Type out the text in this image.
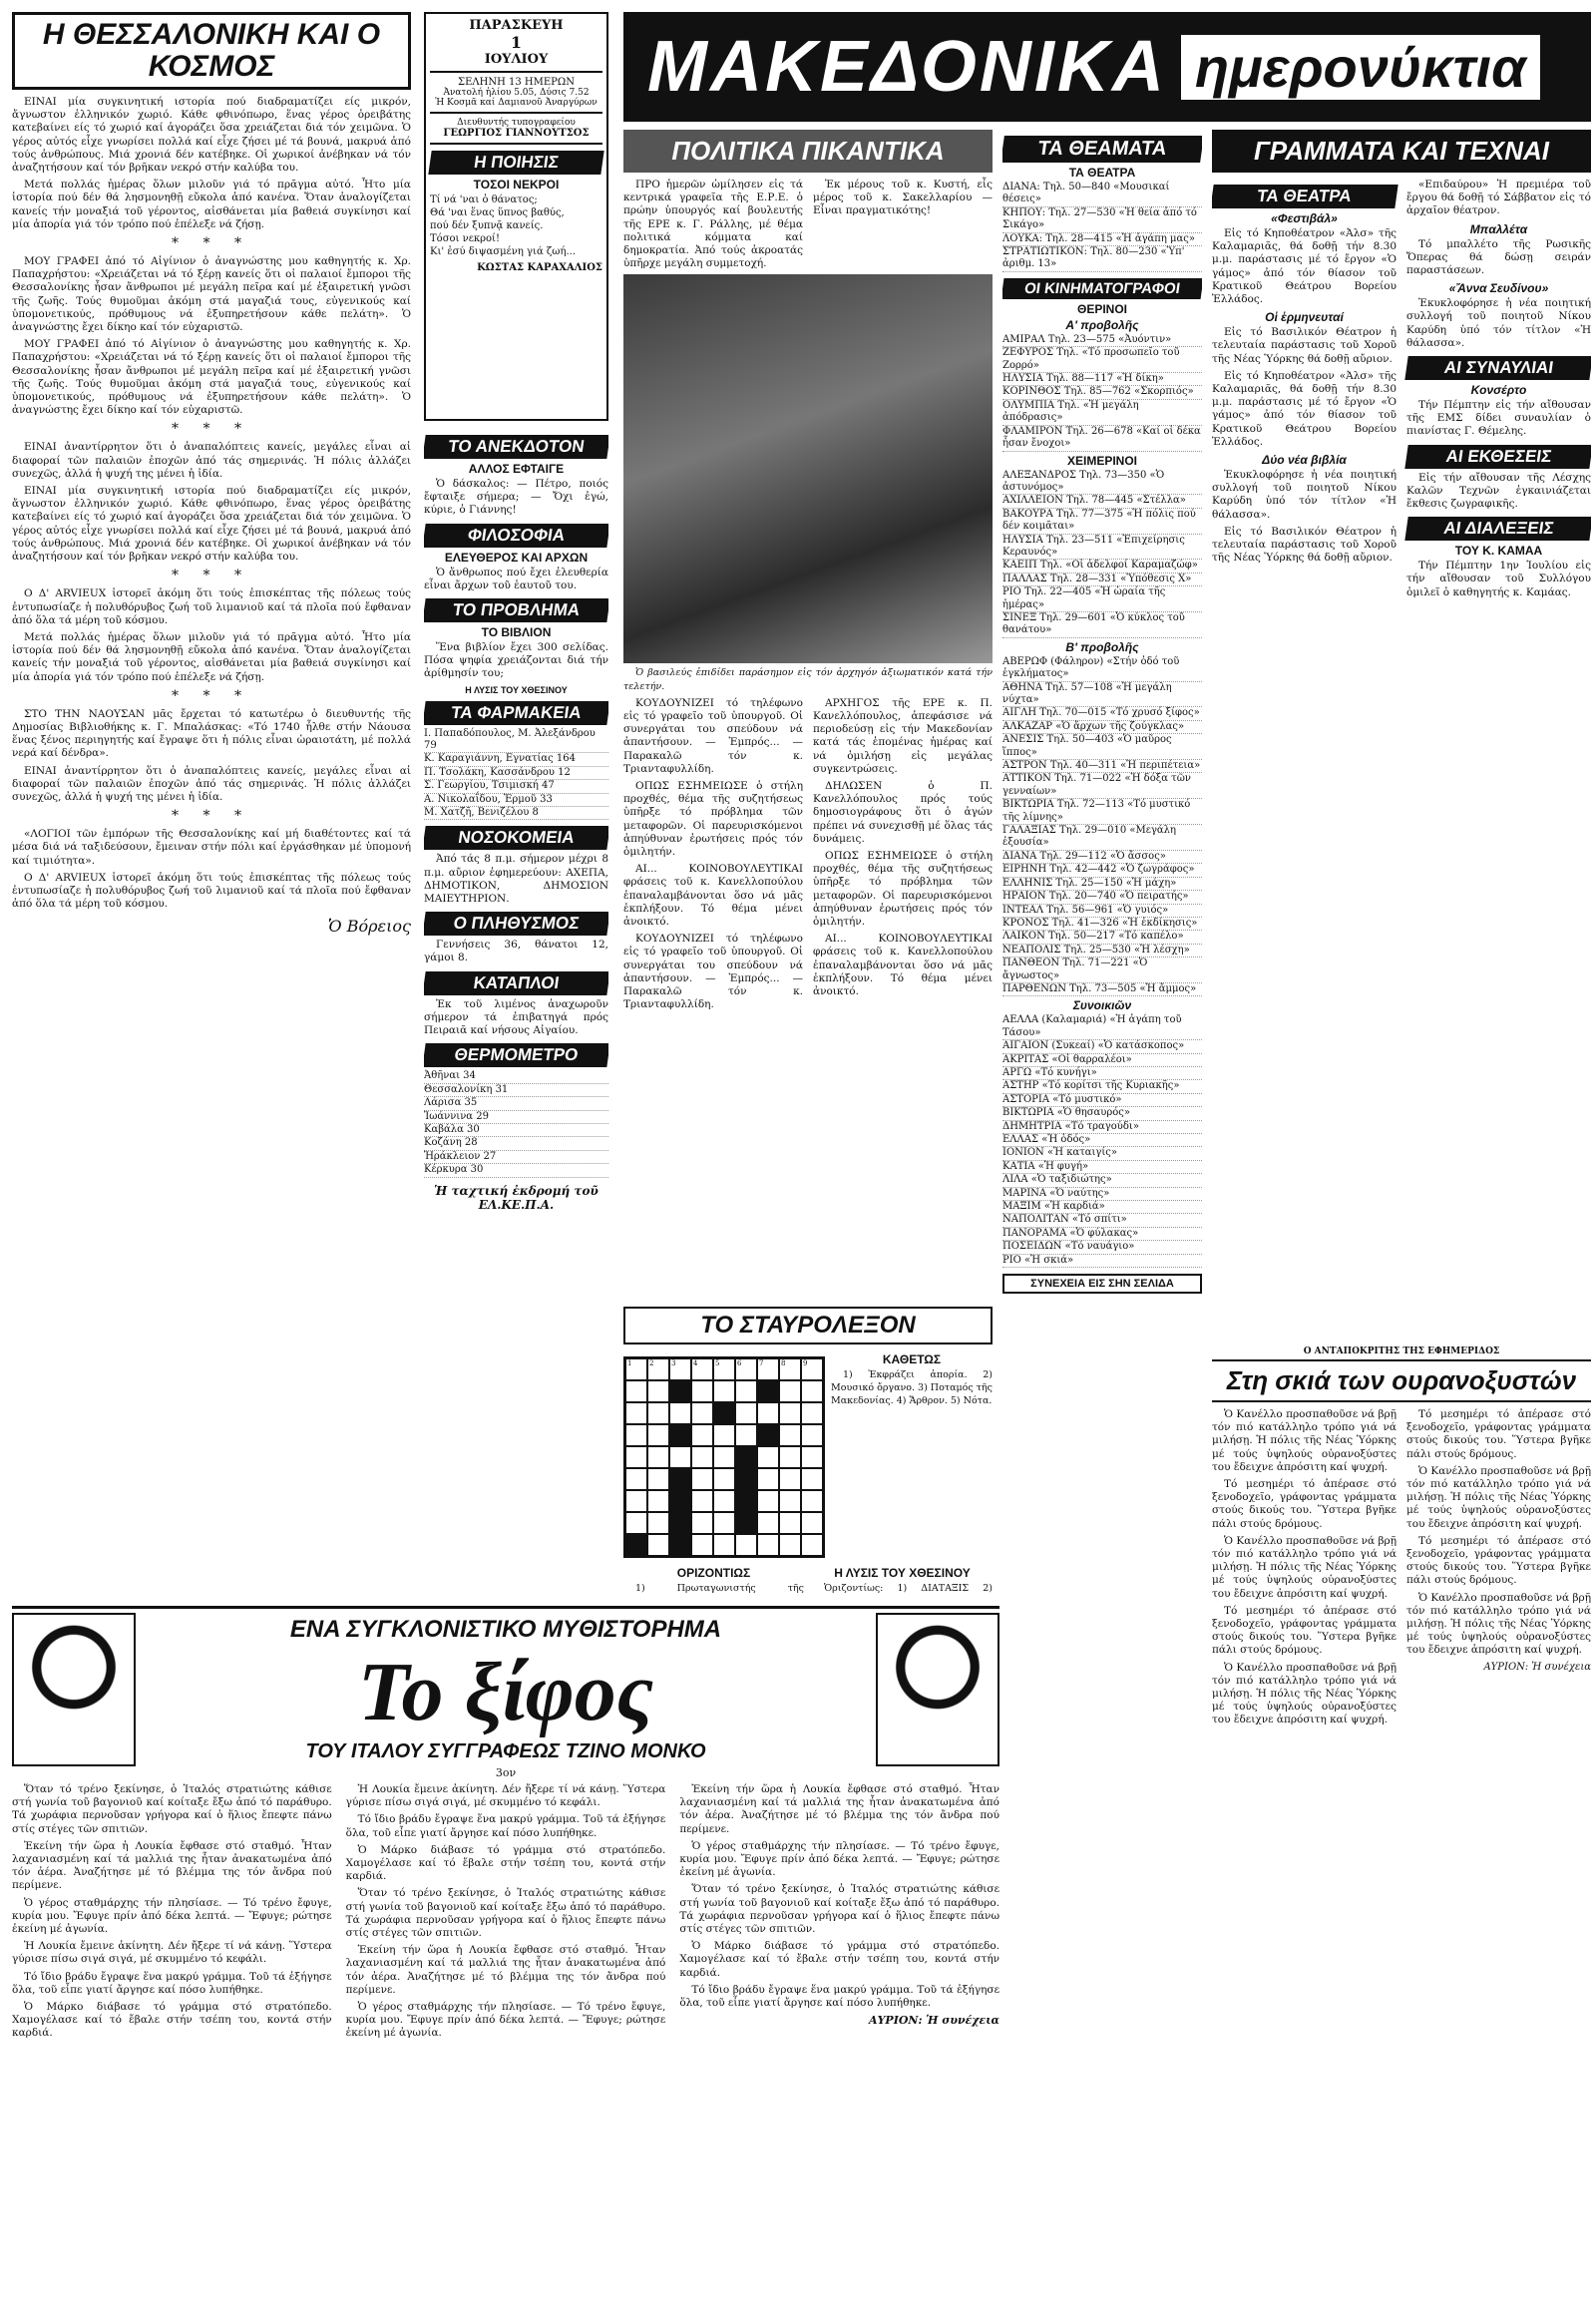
Η ΘΕΣΣΑΛΟΝΙΚΗ ΚΑΙ Ο ΚΟΣΜΟΣ

ΕΙΝΑΙ μία συγκινητική ιστορία πού διαδραματίζει είς μικρόν, ἄγνωστον ἑλληνικόν χωριό. Κάθε φθινόπωρο, ἕνας γέρος ὁρειβάτης κατεβαίνει είς τό χωριό καί ἀγοράζει ὅσα χρειάζεται διά τόν χειμῶνα. Ὁ γέρος αὐτός εἶχε γνωρίσει πολλά καί εἶχε ζήσει μέ τά βουνά, μακρυά ἀπό τούς ἀνθρώπους. Μιά χρονιά δέν κατέβηκε. Οἱ χωρικοί ἀνέβηκαν νά τόν ἀναζητήσουν καί τόν βρῆκαν νεκρό στήν καλύβα του.

Μετά πολλάς ἡμέρας ὅλων μιλοῦν γιά τό πρᾶγμα αὐτό. Ἦτο μία ἱστορία πού δέν θά λησμονηθῇ εὔκολα ἀπό κανένα. Ὅταν ἀναλογίζεται κανείς τήν μοναξιά τοῦ γέροντος, αἰσθάνεται μία βαθειά συγκίνησι καί μία ἀπορία γιά τόν τρόπο πού ἐπέλεξε νά ζήσῃ.

* * *

ΜΟΥ ΓΡΑΦΕΙ ἀπό τό Αἰγίνιον ὁ ἀναγνώστης μου καθηγητής κ. Χρ. Παπαχρήστου: «Χρειάζεται νά τό ξέρῃ κανείς ὅτι οἱ παλαιοί ἔμποροι τῆς Θεσσαλονίκης ἦσαν ἄνθρωποι μέ μεγάλη πεῖρα καί μέ ἐξαιρετική γνῶσι τῆς ζωῆς. Τούς θυμοῦμαι ἀκόμη στά μαγαζιά τους, εὐγενικούς καί ὑπομονετικούς, πρόθυμους νά ἐξυπηρετήσουν κάθε πελάτη». Ὁ ἀναγνώστης ἔχει δίκηο καί τόν εὐχαριστῶ.

ΜΟΥ ΓΡΑΦΕΙ ἀπό τό Αἰγίνιον ὁ ἀναγνώστης μου καθηγητής κ. Χρ. Παπαχρήστου: «Χρειάζεται νά τό ξέρῃ κανείς ὅτι οἱ παλαιοί ἔμποροι τῆς Θεσσαλονίκης ἦσαν ἄνθρωποι μέ μεγάλη πεῖρα καί μέ ἐξαιρετική γνῶσι τῆς ζωῆς. Τούς θυμοῦμαι ἀκόμη στά μαγαζιά τους, εὐγενικούς καί ὑπομονετικούς, πρόθυμους νά ἐξυπηρετήσουν κάθε πελάτη». Ὁ ἀναγνώστης ἔχει δίκηο καί τόν εὐχαριστῶ.

* * *

ΕΙΝΑΙ ἀναντίρρητον ὅτι ὁ ἀναπαλόπτεις κανείς, μεγάλες εἶναι αἱ διαφοραί τῶν παλαιῶν ἐποχῶν ἀπό τάς σημερινάς. Ἡ πόλις ἀλλάζει συνεχῶς, ἀλλά ἡ ψυχή της μένει ἡ ἰδία.

ΕΙΝΑΙ μία συγκινητική ιστορία πού διαδραματίζει είς μικρόν, ἄγνωστον ἑλληνικόν χωριό. Κάθε φθινόπωρο, ἕνας γέρος ὁρειβάτης κατεβαίνει είς τό χωριό καί ἀγοράζει ὅσα χρειάζεται διά τόν χειμῶνα. Ὁ γέρος αὐτός εἶχε γνωρίσει πολλά καί εἶχε ζήσει μέ τά βουνά, μακρυά ἀπό τούς ἀνθρώπους. Μιά χρονιά δέν κατέβηκε. Οἱ χωρικοί ἀνέβηκαν νά τόν ἀναζητήσουν καί τόν βρῆκαν νεκρό στήν καλύβα του.

* * *

Ο Δ' ΑRVIEUX ἱστορεῖ ἀκόμη ὅτι τούς ἐπισκέπτας τῆς πόλεως τούς ἐντυπωσίαζε ἡ πολυθόρυβος ζωή τοῦ λιμανιοῦ καί τά πλοῖα πού ἔφθαναν ἀπό ὅλα τά μέρη τοῦ κόσμου.

Μετά πολλάς ἡμέρας ὅλων μιλοῦν γιά τό πρᾶγμα αὐτό. Ἦτο μία ἱστορία πού δέν θά λησμονηθῇ εὔκολα ἀπό κανένα. Ὅταν ἀναλογίζεται κανείς τήν μοναξιά τοῦ γέροντος, αἰσθάνεται μία βαθειά συγκίνησι καί μία ἀπορία γιά τόν τρόπο πού ἐπέλεξε νά ζήσῃ.

* * *

ΣΤΟ ΤΗΝ ΝΑΟΥΣΑΝ μᾶς ἔρχεται τό κατωτέρω ὁ διευθυντής τῆς Δημοσίας Βιβλιοθήκης κ. Γ. Μπαλάσκας: «Τό 1740 ἦλθε στήν Νάουσα ἕνας ξένος περιηγητής καί ἔγραψε ὅτι ἡ πόλις εἶναι ὡραιοτάτη, μέ πολλά νερά καί δένδρα».

ΕΙΝΑΙ ἀναντίρρητον ὅτι ὁ ἀναπαλόπτεις κανείς, μεγάλες εἶναι αἱ διαφοραί τῶν παλαιῶν ἐποχῶν ἀπό τάς σημερινάς. Ἡ πόλις ἀλλάζει συνεχῶς, ἀλλά ἡ ψυχή της μένει ἡ ἰδία.

* * *

«ΛΟΓΙΟΙ τῶν ἐμπόρων τῆς Θεσσαλονίκης καί μή διαθέτοντες καί τά μέσα διά νά ταξιδεύσουν, ἔμειναν στήν πόλι καί ἐργάσθηκαν μέ ὑπομονή καί τιμιότητα».

Ο Δ' ΑRVIEUX ἱστορεῖ ἀκόμη ὅτι τούς ἐπισκέπτας τῆς πόλεως τούς ἐντυπωσίαζε ἡ πολυθόρυβος ζωή τοῦ λιμανιοῦ καί τά πλοῖα πού ἔφθαναν ἀπό ὅλα τά μέρη τοῦ κόσμου.

Ὁ Βόρειος
ΠΑΡΑΣΚΕΥΗ
1
ΙΟΥΛΙΟΥ
ΣΕΛΗΝΗ 13 ΗΜΕΡΩΝ
Ἀνατολή ἡλίου 5.05, Δύσις 7.52
Ἡ Κοσμᾶ καί Δαμιανοῦ Ἀναργύρων
Διευθυντής τυπογραφείου
ΓΕΩΡΓΙΟΣ ΓΙΑΝΝΟΥΤΣΟΣ
Η ΠΟΙΗΣΙΣ
ΤΟΣΟΙ ΝΕΚΡΟΙ
Τί νά 'ναι ὁ θάνατος;
Θά 'ναι ἕνας ὕπνος βαθύς,
πού δέν ξυπνᾷ κανείς.
Τόσοι νεκροί!
Κι' ἐσύ διψασμένη γιά ζωή...
ΚΩΣΤΑΣ ΚΑΡΑΧΑΛΙΟΣ
ΤΟ ΑΝΕΚΔΟΤΟΝ
ΑΛΛΟΣ ΕΦΤΑΙΓΕ

Ὁ δάσκαλος: — Πέτρο, ποιός ἔφταιξε σήμερα; — Ὄχι ἐγώ, κύριε, ὁ Γιάννης!

ΦΙΛΟΣΟΦΙΑ
ΕΛΕΥΘΕΡΟΣ ΚΑΙ ΑΡΧΩΝ

Ὁ ἄνθρωπος πού ἔχει ἐλευθερία εἶναι ἄρχων τοῦ ἑαυτοῦ του.

ΤΟ ΠΡΟΒΛΗΜΑ
ΤΟ ΒΙΒΛΙΟΝ

Ἕνα βιβλίον ἔχει 300 σελίδας. Πόσα ψηφία χρειάζονται διά τήν ἀρίθμησίν του;

Η ΛΥΣΙΣ ΤΟΥ ΧΘΕΣΙΝΟΥ
ΤΑ ΦΑΡΜΑΚΕΙΑ
Ι. Παπαδόπουλος, Μ. Ἀλεξάνδρου 79
Κ. Καραγιάννη, Εγνατίας 164
Π. Τσολάκη, Κασσάνδρου 12
Σ. Γεωργίου, Τσιμισκή 47
Α. Νικολαΐδου, Ἑρμοῦ 33
Μ. Χατζῆ, Βενιζέλου 8
ΝΟΣΟΚΟΜΕΙΑ

Ἀπό τάς 8 π.μ. σήμερον μέχρι 8 π.μ. αὔριον ἐφημερεύουν: ΑΧΕΠΑ, ΔΗΜΟΤΙΚΟΝ, ΔΗΜΟΣΙΟΝ ΜΑΙΕΥΤΗΡΙΟΝ.

Ο ΠΛΗΘΥΣΜΟΣ

Γεννήσεις 36, θάνατοι 12, γάμοι 8.

ΚΑΤΑΠΛΟΙ

Ἐκ τοῦ λιμένος ἀναχωροῦν σήμερον τά ἐπιβατηγά πρός Πειραιᾶ καί νήσους Αἰγαίου.

ΘΕΡΜΟΜΕΤΡΟ
Ἀθῆναι 34
Θεσσαλονίκη 31
Λάρισα 35
Ἰωάννινα 29
Καβάλα 30
Κοζάνη 28
Ἡράκλειον 27
Κέρκυρα 30
Ἡ ταχτική ἐκδρομή τοῦ ΕΛ.ΚΕ.Π.Α.
ΜΑΚΕΔΟΝΙΚΑ ημερονύκτια
ΠΟΛΙΤΙΚΑ ΠΙΚΑΝΤΙΚΑ

ΠΡΟ ἡμερῶν ὡμίλησεν εἰς τά κεντρικά γραφεῖα τῆς Ε.Ρ.Ε. ὁ πρώην ὑπουργός καί βουλευτής τῆς ΕΡΕ κ. Γ. Ράλλης, μέ θέμα πολιτικά κόμματα καί δημοκρατία. Ἀπό τούς ἀκροατάς ὑπῆρχε μεγάλη συμμετοχή.

Ἐκ μέρους τοῦ κ. Κυστή, εἶς μέρος τοῦ κ. Σακελλαρίου — Εἶναι πραγματικότης!

Ὁ βασιλεύς ἐπιδίδει παράσημον εἰς τόν ἀρχηγόν ἀξιωματικόν κατά τήν τελετήν.

ΚΟΥΔΟΥΝΙΖΕΙ τό τηλέφωνο εἰς τό γραφεῖο τοῦ ὑπουργοῦ. Οἱ συνεργάται του σπεύδουν νά ἀπαντήσουν. — Ἐμπρός... — Παρακαλῶ τόν κ. Τριανταφυλλίδη.

ΟΠΩΣ ΕΣΗΜΕΙΩΣΕ ὁ στήλη προχθές, θέμα τῆς συζητήσεως ὑπῆρξε τό πρόβλημα τῶν μεταφορῶν. Οἱ παρευρισκόμενοι ἀπηύθυναν ἐρωτήσεις πρός τόν ὁμιλητήν.

ΑΙ... ΚΟΙΝΟΒΟΥΛΕΥΤΙΚΑΙ φράσεις τοῦ κ. Κανελλοπούλου ἐπαναλαμβάνονται ὅσο νά μᾶς ἐκπλήξουν. Τό θέμα μένει ἀνοικτό.

ΚΟΥΔΟΥΝΙΖΕΙ τό τηλέφωνο εἰς τό γραφεῖο τοῦ ὑπουργοῦ. Οἱ συνεργάται του σπεύδουν νά ἀπαντήσουν. — Ἐμπρός... — Παρακαλῶ τόν κ. Τριανταφυλλίδη.

ΑΡΧΗΓΟΣ τῆς ΕΡΕ κ. Π. Κανελλόπουλος, ἀπεφάσισε νά περιοδεύσῃ εἰς τήν Μακεδονίαν κατά τάς ἑπομένας ἡμέρας καί νά ὁμιλήσῃ εἰς μεγάλας συγκεντρώσεις.

ΔΗΛΩΣΕΝ ὁ Π. Κανελλόπουλος πρός τούς δημοσιογράφους ὅτι ὁ ἀγών πρέπει νά συνεχισθῇ μέ ὅλας τάς δυνάμεις.

ΟΠΩΣ ΕΣΗΜΕΙΩΣΕ ὁ στήλη προχθές, θέμα τῆς συζητήσεως ὑπῆρξε τό πρόβλημα τῶν μεταφορῶν. Οἱ παρευρισκόμενοι ἀπηύθυναν ἐρωτήσεις πρός τόν ὁμιλητήν.

ΑΙ... ΚΟΙΝΟΒΟΥΛΕΥΤΙΚΑΙ φράσεις τοῦ κ. Κανελλοπούλου ἐπαναλαμβάνονται ὅσο νά μᾶς ἐκπλήξουν. Τό θέμα μένει ἀνοικτό.

ΤΟ ΣΤΑΥΡΟΛΕΞΟΝ
1	2	3	4	5	6	7	8	9	ΚΑΘΕΤΩΣ

1) Ἐκφράζει ἀπορία. 2) Μουσικό ὄργανο. 3) Ποταμός τῆς Μακεδονίας. 4) Ἄρθρον. 5) Νότα.

ΟΡΙΖΟΝΤΙΩΣ

1) Πρωταγωνιστής τῆς

Η ΛΥΣΙΣ ΤΟΥ ΧΘΕΣΙΝΟΥ

Ὁριζοντίως: 1) ΔΙΑΤΑΞΙΣ 2)

ΤΑ ΘΕΑΜΑΤΑ
ΤΑ ΘΕΑΤΡΑ
ΔΙΑΝΑ: Τηλ. 50—840 «Μουσικαί θέσεις»
ΚΗΠΟΥ: Τηλ. 27—530 «Ἡ θεία ἀπό τό Σικάγο»
ΛΟΥΚΑ: Τηλ. 28—415 «Ἡ ἀγάπη μας»
ΣΤΡΑΤΙΩΤΙΚΟΝ: Τηλ. 80—230 «Ὑπ' ἀριθμ. 13»
ΟΙ ΚΙΝΗΜΑΤΟΓΡΑΦΟΙ
ΘΕΡΙΝΟΙ
Α' προβολῆς
ΑΜΙΡΑΛ Τηλ. 23—575 «Ἀυόντιν»
ΖΕΦΥΡΟΣ Τηλ. «Τό προσωπεῖο τοῦ Ζορρό»
ΗΛΥΣΙΑ Τηλ. 88—117 «Ἡ δίκη»
ΚΟΡΙΝΘΟΣ Τηλ. 85—762 «Σκορπιός»
ΟΛΥΜΠΙΑ Τηλ. «Ἡ μεγάλη ἀπόδρασις»
ΦΛΑΜΙΡΟΝ Τηλ. 26—678 «Καί οἱ δέκα ἦσαν ἔνοχοι»
ΧΕΙΜΕΡΙΝΟΙ
ΑΛΕΞΑΝΔΡΟΣ Τηλ. 73—350 «Ὁ ἀστυνόμος»
ΑΧΙΛΛΕΙΟΝ Τηλ. 78—445 «Στέλλα»
ΒΑΚΟΥΡΑ Τηλ. 77—375 «Ἡ πόλις πού δέν κοιμᾶται»
ΗΛΥΣΙΑ Τηλ. 23—511 «Ἐπιχείρησις Κεραυνός»
ΚΑΕΙΠ Τηλ. «Οἱ ἀδελφοί Καραμαζώφ»
ΠΑΛΛΑΣ Τηλ. 28—331 «Ὑπόθεσις Χ»
ΡΙΟ Τηλ. 22—405 «Ἡ ὡραία τῆς ἡμέρας»
ΣΙΝΕΞ Τηλ. 29—601 «Ὁ κύκλος τοῦ θανάτου»
Β' προβολῆς
ΑΒΕΡΩΦ (Φάληρον) «Στήν ὁδό τοῦ ἐγκλήματος»
ΑΘΗΝΑ Τηλ. 57—108 «Ἡ μεγάλη νύχτα»
ΑΙΓΛΗ Τηλ. 70—015 «Τό χρυσό ξίφος»
ΑΛΚΑΖΑΡ «Ὁ ἄρχων τῆς ζούγκλας»
ΑΝΕΣΙΣ Τηλ. 50—403 «Ὁ μαῦρος ἵππος»
ΑΣΤΡΟΝ Τηλ. 40—311 «Ἡ περιπέτεια»
ΑΤΤΙΚΟΝ Τηλ. 71—022 «Ἡ δόξα τῶν γενναίων»
ΒΙΚΤΩΡΙΑ Τηλ. 72—113 «Τό μυστικό τῆς λίμνης»
ΓΑΛΑΞΙΑΣ Τηλ. 29—010 «Μεγάλη ἐξουσία»
ΔΙΑΝΑ Τηλ. 29—112 «Ὁ ἄσσος»
ΕΙΡΗΝΗ Τηλ. 42—442 «Ὁ ζωγράφος»
ΕΛΛΗΝΙΣ Τηλ. 25—150 «Ἡ μάχη»
ΗΡΑΙΟΝ Τηλ. 20—740 «Ὁ πειρατής»
ΙΝΤΕΑΛ Τηλ. 56—961 «Ὁ γυιός»
ΚΡΟΝΟΣ Τηλ. 41—326 «Ἡ ἐκδίκησις»
ΛΑΙΚΟΝ Τηλ. 50—217 «Τό καπέλο»
ΝΕΑΠΟΛΙΣ Τηλ. 25—530 «Ἡ λέσχη»
ΠΑΝΘΕΟΝ Τηλ. 71—221 «Ὁ ἄγνωστος»
ΠΑΡΘΕΝΩΝ Τηλ. 73—505 «Ἡ ἄμμος»
Συνοικιῶν
ΑΕΛΛΑ (Καλαμαριά) «Ἡ ἀγάπη τοῦ Τάσου»
ΑΙΓΑΙΟΝ (Συκεαί) «Ὁ κατάσκοπος»
ΑΚΡΙΤΑΣ «Οἱ θαρραλέοι»
ΑΡΓΩ «Τό κυνήγι»
ΑΣΤΗΡ «Τό κορίτσι τῆς Κυριακῆς»
ΑΣΤΟΡΙΑ «Τό μυστικό»
ΒΙΚΤΩΡΙΑ «Ὁ θησαυρός»
ΔΗΜΗΤΡΙΑ «Τό τραγούδι»
ΕΛΛΑΣ «Ἡ ὁδός»
ΙΟΝΙΟΝ «Ἡ καταιγίς»
ΚΑΤΙΑ «Ἡ φυγή»
ΛΙΛΑ «Ὁ ταξιδιώτης»
ΜΑΡΙΝΑ «Ὁ ναύτης»
ΜΑΞΙΜ «Ἡ καρδιά»
ΝΑΠΟΛΙΤΑΝ «Τό σπίτι»
ΠΑΝΟΡΑΜΑ «Ὁ φύλακας»
ΠΟΣΕΙΔΩΝ «Τό ναυάγιο»
ΡΙΟ «Ἡ σκιά»
ΣΥΝΕΧΕΙΑ ΕΙΣ ΣΗΝ ΣΕΛΙΔΑ
ΓΡΑΜΜΑΤΑ ΚΑΙ ΤΕΧΝΑΙ
ΤΑ ΘΕΑΤΡΑ
«Φεστιβάλ»

Εἰς τό Κηποθέατρον «Ἀλσ» τῆς Καλαμαριᾶς, θά δοθῇ τήν 8.30 μ.μ. παράστασις μέ τό ἔργον «Ὁ γάμος» ἀπό τόν θίασον τοῦ Κρατικοῦ Θεάτρου Βορείου Ἑλλάδος.

Οἱ ἑρμηνευταί

Εἰς τό Βασιλικόν Θέατρον ἡ τελευταία παράστασις τοῦ Χοροῦ τῆς Νέας Ὑόρκης θά δοθῇ αὔριον.

Εἰς τό Κηποθέατρον «Ἀλσ» τῆς Καλαμαριᾶς, θά δοθῇ τήν 8.30 μ.μ. παράστασις μέ τό ἔργον «Ὁ γάμος» ἀπό τόν θίασον τοῦ Κρατικοῦ Θεάτρου Βορείου Ἑλλάδος.

Δύο νέα βιβλία

Ἐκυκλοφόρησε ἡ νέα ποιητική συλλογή τοῦ ποιητοῦ Νίκου Καρύδη ὑπό τόν τίτλον «Ἡ θάλασσα».

Εἰς τό Βασιλικόν Θέατρον ἡ τελευταία παράστασις τοῦ Χοροῦ τῆς Νέας Ὑόρκης θά δοθῇ αὔριον.

«Επιδαύρου» Ἡ πρεμιέρα τοῦ ἔργου θά δοθῇ τό Σάββατον εἰς τό ἀρχαῖον θέατρον.

Μπαλλέτα

Τό μπαλλέτο τῆς Ρωσικῆς Ὄπερας θά δώσῃ σειράν παραστάσεων.

«Ἄννα Σευδίνου»

Ἐκυκλοφόρησε ἡ νέα ποιητική συλλογή τοῦ ποιητοῦ Νίκου Καρύδη ὑπό τόν τίτλον «Ἡ θάλασσα».

ΑΙ ΣΥΝΑΥΛΙΑΙ
Κονσέρτο

Τήν Πέμπτην εἰς τήν αἴθουσαν τῆς ΕΜΣ δίδει συναυλίαν ὁ πιανίστας Γ. Θέμελης.

ΑΙ ΕΚΘΕΣΕΙΣ

Εἰς τήν αἴθουσαν τῆς Λέσχης Καλῶν Τεχνῶν ἐγκαινιάζεται ἔκθεσις ζωγραφικῆς.

ΑΙ ΔΙΑΛΕΞΕΙΣ
ΤΟΥ Κ. ΚΑΜΑΑ

Τήν Πέμπτην 1ην Ἰουλίου εἰς τήν αἴθουσαν τοῦ Συλλόγου ὁμιλεῖ ὁ καθηγητής κ. Καμάας.

Ο ΑΝΤΑΠΟΚΡΙΤΗΣ ΤΗΣ ΕΦΗΜΕΡΙΔΟΣ
Στη σκιά των ουρανοξυστών

Ὁ Κανέλλο προσπαθοῦσε νά βρῇ τόν πιό κατάλληλο τρόπο γιά νά μιλήσῃ. Ἡ πόλις τῆς Νέας Ὑόρκης μέ τούς ὑψηλούς οὐρανοξύστες του ἔδειχνε ἀπρόσιτη καί ψυχρή.

Τό μεσημέρι τό ἀπέρασε στό ξενοδοχεῖο, γράφοντας γράμματα στούς δικούς του. Ὕστερα βγῆκε πάλι στούς δρόμους.

Ὁ Κανέλλο προσπαθοῦσε νά βρῇ τόν πιό κατάλληλο τρόπο γιά νά μιλήσῃ. Ἡ πόλις τῆς Νέας Ὑόρκης μέ τούς ὑψηλούς οὐρανοξύστες του ἔδειχνε ἀπρόσιτη καί ψυχρή.

Τό μεσημέρι τό ἀπέρασε στό ξενοδοχεῖο, γράφοντας γράμματα στούς δικούς του. Ὕστερα βγῆκε πάλι στούς δρόμους.

Ὁ Κανέλλο προσπαθοῦσε νά βρῇ τόν πιό κατάλληλο τρόπο γιά νά μιλήσῃ. Ἡ πόλις τῆς Νέας Ὑόρκης μέ τούς ὑψηλούς οὐρανοξύστες του ἔδειχνε ἀπρόσιτη καί ψυχρή.

Τό μεσημέρι τό ἀπέρασε στό ξενοδοχεῖο, γράφοντας γράμματα στούς δικούς του. Ὕστερα βγῆκε πάλι στούς δρόμους.

Ὁ Κανέλλο προσπαθοῦσε νά βρῇ τόν πιό κατάλληλο τρόπο γιά νά μιλήσῃ. Ἡ πόλις τῆς Νέας Ὑόρκης μέ τούς ὑψηλούς οὐρανοξύστες του ἔδειχνε ἀπρόσιτη καί ψυχρή.

Τό μεσημέρι τό ἀπέρασε στό ξενοδοχεῖο, γράφοντας γράμματα στούς δικούς του. Ὕστερα βγῆκε πάλι στούς δρόμους.

Ὁ Κανέλλο προσπαθοῦσε νά βρῇ τόν πιό κατάλληλο τρόπο γιά νά μιλήσῃ. Ἡ πόλις τῆς Νέας Ὑόρκης μέ τούς ὑψηλούς οὐρανοξύστες του ἔδειχνε ἀπρόσιτη καί ψυχρή.

ΑΥΡΙΟΝ: Ἡ συνέχεια
ΕΝΑ ΣΥΓΚΛΟΝΙΣΤΙΚΟ ΜΥΘΙΣΤΟΡΗΜΑ
Το ξίφος
ΤΟΥ ΙΤΑΛΟΥ ΣΥΓΓΡΑΦΕΩΣ ΤΖΙΝΟ ΜΟΝΚΟ
3ον

Ὅταν τό τρένο ξεκίνησε, ὁ Ἰταλός στρατιώτης κάθισε στή γωνία τοῦ βαγονιοῦ καί κοίταξε ἔξω ἀπό τό παράθυρο. Τά χωράφια περνοῦσαν γρήγορα καί ὁ ἥλιος ἔπεφτε πάνω στίς στέγες τῶν σπιτιῶν.

Ἐκείνη τήν ὥρα ἡ Λουκία ἔφθασε στό σταθμό. Ἦταν λαχανιασμένη καί τά μαλλιά της ἦταν ἀνακατωμένα ἀπό τόν ἀέρα. Ἀναζήτησε μέ τό βλέμμα της τόν ἄνδρα πού περίμενε.

Ὁ γέρος σταθμάρχης τήν πλησίασε. — Τό τρένο ἔφυγε, κυρία μου. Ἔφυγε πρίν ἀπό δέκα λεπτά. — Ἔφυγε; ρώτησε ἐκείνη μέ ἀγωνία.

Ἡ Λουκία ἔμεινε ἀκίνητη. Δέν ἤξερε τί νά κάνῃ. Ὕστερα γύρισε πίσω σιγά σιγά, μέ σκυμμένο τό κεφάλι.

Τό ἴδιο βράδυ ἔγραψε ἕνα μακρύ γράμμα. Τοῦ τά ἐξήγησε ὅλα, τοῦ εἶπε γιατί ἄργησε καί πόσο λυπήθηκε.

Ὁ Μάρκο διάβασε τό γράμμα στό στρατόπεδο. Χαμογέλασε καί τό ἔβαλε στήν τσέπη του, κοντά στήν καρδιά.

Ἡ Λουκία ἔμεινε ἀκίνητη. Δέν ἤξερε τί νά κάνῃ. Ὕστερα γύρισε πίσω σιγά σιγά, μέ σκυμμένο τό κεφάλι.

Τό ἴδιο βράδυ ἔγραψε ἕνα μακρύ γράμμα. Τοῦ τά ἐξήγησε ὅλα, τοῦ εἶπε γιατί ἄργησε καί πόσο λυπήθηκε.

Ὁ Μάρκο διάβασε τό γράμμα στό στρατόπεδο. Χαμογέλασε καί τό ἔβαλε στήν τσέπη του, κοντά στήν καρδιά.

Ὅταν τό τρένο ξεκίνησε, ὁ Ἰταλός στρατιώτης κάθισε στή γωνία τοῦ βαγονιοῦ καί κοίταξε ἔξω ἀπό τό παράθυρο. Τά χωράφια περνοῦσαν γρήγορα καί ὁ ἥλιος ἔπεφτε πάνω στίς στέγες τῶν σπιτιῶν.

Ἐκείνη τήν ὥρα ἡ Λουκία ἔφθασε στό σταθμό. Ἦταν λαχανιασμένη καί τά μαλλιά της ἦταν ἀνακατωμένα ἀπό τόν ἀέρα. Ἀναζήτησε μέ τό βλέμμα της τόν ἄνδρα πού περίμενε.

Ὁ γέρος σταθμάρχης τήν πλησίασε. — Τό τρένο ἔφυγε, κυρία μου. Ἔφυγε πρίν ἀπό δέκα λεπτά. — Ἔφυγε; ρώτησε ἐκείνη μέ ἀγωνία.

Ἐκείνη τήν ὥρα ἡ Λουκία ἔφθασε στό σταθμό. Ἦταν λαχανιασμένη καί τά μαλλιά της ἦταν ἀνακατωμένα ἀπό τόν ἀέρα. Ἀναζήτησε μέ τό βλέμμα της τόν ἄνδρα πού περίμενε.

Ὁ γέρος σταθμάρχης τήν πλησίασε. — Τό τρένο ἔφυγε, κυρία μου. Ἔφυγε πρίν ἀπό δέκα λεπτά. — Ἔφυγε; ρώτησε ἐκείνη μέ ἀγωνία.

Ὅταν τό τρένο ξεκίνησε, ὁ Ἰταλός στρατιώτης κάθισε στή γωνία τοῦ βαγονιοῦ καί κοίταξε ἔξω ἀπό τό παράθυρο. Τά χωράφια περνοῦσαν γρήγορα καί ὁ ἥλιος ἔπεφτε πάνω στίς στέγες τῶν σπιτιῶν.

Ὁ Μάρκο διάβασε τό γράμμα στό στρατόπεδο. Χαμογέλασε καί τό ἔβαλε στήν τσέπη του, κοντά στήν καρδιά.

Τό ἴδιο βράδυ ἔγραψε ἕνα μακρύ γράμμα. Τοῦ τά ἐξήγησε ὅλα, τοῦ εἶπε γιατί ἄργησε καί πόσο λυπήθηκε.

ΑΥΡΙΟΝ: Ἡ συνέχεια
